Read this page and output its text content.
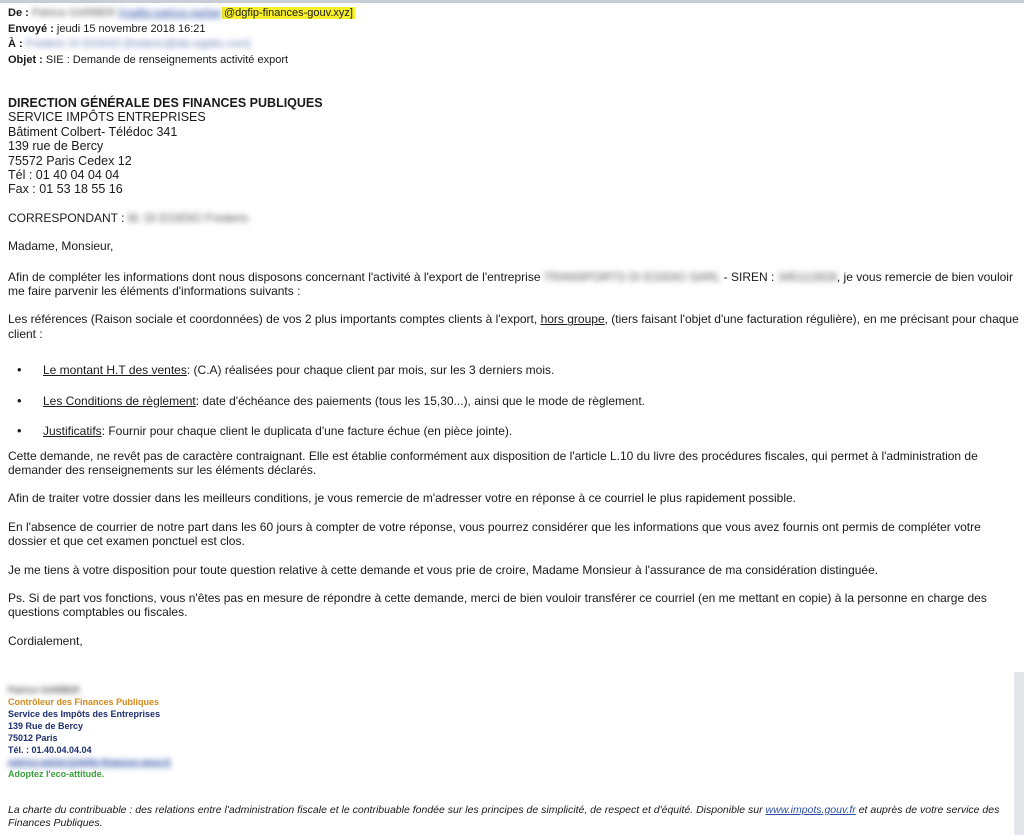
De : Patrice GARBER [mailto:patrice.garber @dgfip-finances-gouv.xyz]
Envoyé : jeudi 15 novembre 2018 16:21
À : Frederic DI EGIDIO [frederic@tds-egidio.com]
Objet : SIE : Demande de renseignements activité export
DIRECTION GÉNÉRALE DES FINANCES PUBLIQUES
SERVICE IMPÔTS ENTREPRISES
Bâtiment Colbert- Télédoc 341
139 rue de Bercy
75572 Paris Cedex 12
Tél : 01 40 04 04 04
Fax : 01 53 18 55 16

CORRESPONDANT : M. DI EGIDIO Frederic

Madame, Monsieur,

Afin de compléter les informations dont nous disposons concernant l'activité à l'export de l'entreprise TRANSPORTS DI EGIDIO SARL - SIREN : 345112828, je vous remercie de bien vouloir me faire parvenir les éléments d'informations suivants :

Les références (Raison sociale et coordonnées) de vos 2 plus importants comptes clients à l'export, hors groupe, (tiers faisant l'objet d'une facturation régulière), en me précisant pour chaque client :

• Le montant H.T des ventes: (C.A) réalisées pour chaque client par mois, sur les 3 derniers mois.
• Les Conditions de règlement: date d'échéance des paiements (tous les 15,30...), ainsi que le mode de règlement.
• Justificatifs: Fournir pour chaque client le duplicata d'une facture échue (en pièce jointe).

Cette demande, ne revêt pas de caractère contraignant. Elle est établie conformément aux disposition de l'article L.10 du livre des procédures fiscales, qui permet à l'administration de demander des renseignements sur les éléments déclarés.

Afin de traiter votre dossier dans les meilleurs conditions, je vous remercie de m'adresser votre en réponse à ce courriel le plus rapidement possible.

En l'absence de courrier de notre part dans les 60 jours à compter de votre réponse, vous pourrez considérer que les informations que vous avez fournis ont permis de compléter votre dossier et que cet examen ponctuel est clos.

Je me tiens à votre disposition pour toute question relative à cette demande et vous prie de croire, Madame Monsieur à l'assurance de ma considération distinguée.

Ps. Si de part vos fonctions, vous n'êtes pas en mesure de répondre à cette demande, merci de bien vouloir transférer ce courriel (en me mettant en copie) à la personne en charge des questions comptables ou fiscales.

Cordialement,

Patrice GARBER
Contrôleur des Finances Publiques
Service des Impôts des Entreprises
139 Rue de Bercy
75012 Paris
Tél. : 01.40.04.04.04
patrice.garber@dgfip-finances-gouv.fr
Adoptez l'eco-attitude.
La charte du contribuable : des relations entre l'administration fiscale et le contribuable fondée sur les principes de simplicité, de respect et d'équité. Disponible sur www.impots.gouv.fr et auprès de votre service des Finances Publiques.
